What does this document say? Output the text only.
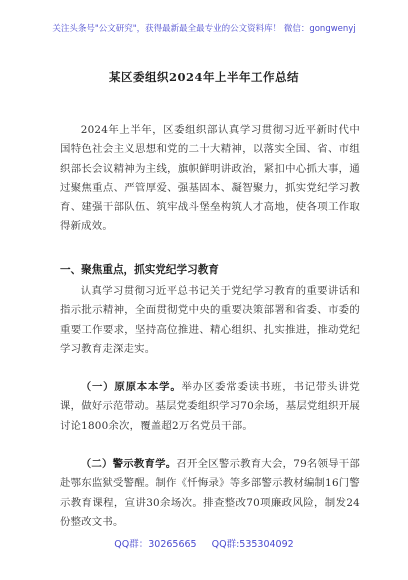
关注头条号"公文研究"，获得最新最全最专业的公文资料库！ 微信：gongwenyj
某区委组织2024年上半年工作总结
2024年上半年，区委组织部认真学习贯彻习近平新时代中国特色社会主义思想和党的二十大精神，以落实全国、省、市组织部长会议精神为主线，旗帜鲜明讲政治，紧扣中心抓大事，通过聚焦重点、严管厚爱、强基固本、凝智聚力，抓实党纪学习教育、建强干部队伍、筑牢战斗堡垒构筑人才高地，使各项工作取得新成效。
一、聚焦重点，抓实党纪学习教育
认真学习贯彻习近平总书记关于党纪学习教育的重要讲话和指示批示精神，全面贯彻党中央的重要决策部署和省委、市委的重要工作要求，坚持高位推进、精心组织、扎实推进，推动党纪学习教育走深走实。
（一）原原本本学。举办区委常委读书班，书记带头讲党课，做好示范带动。基层党委组织学习70余场，基层党组织开展讨论1800余次，覆盖超2万名党员干部。
（二）警示教育学。召开全区警示教育大会，79名领导干部赴鄂东监狱受警醒。制作《忏悔录》等多部警示教材编制16门警示教育课程，宣讲30余场次。排查整改70项廉政风险，制发24份整改文书。
QQ群：30265665 QQ群:535304092
